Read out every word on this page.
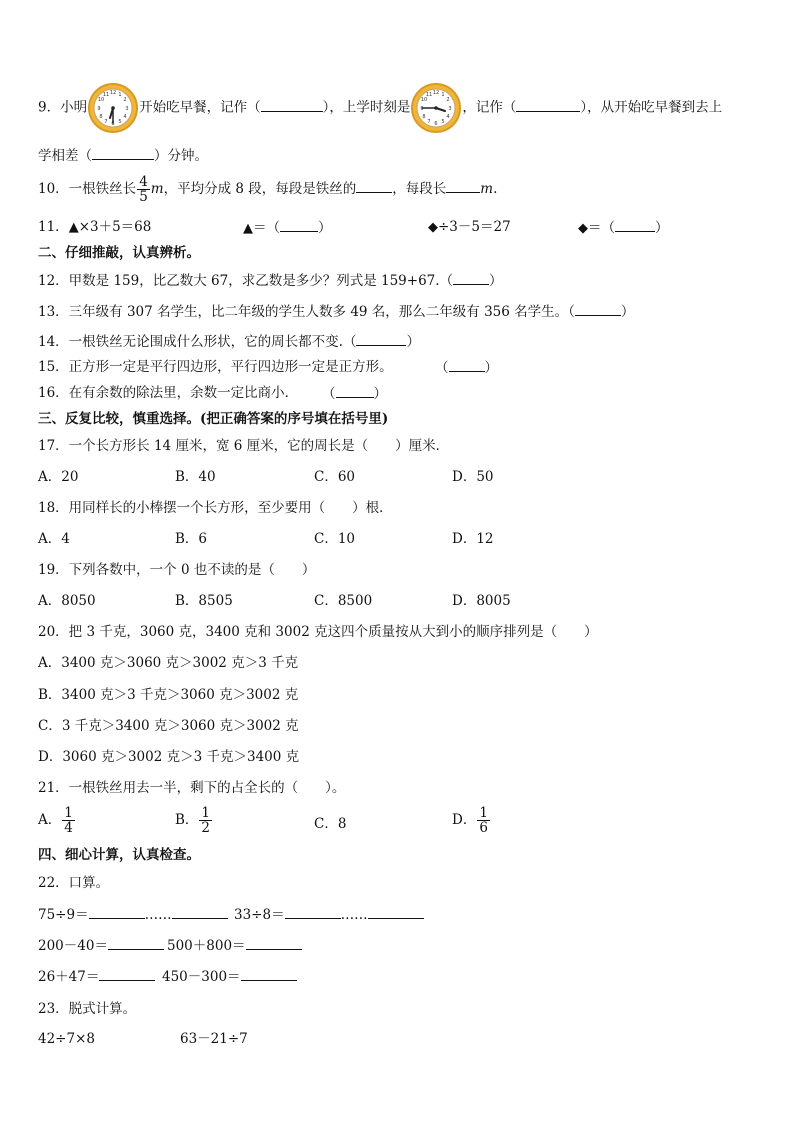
9．小明
12 1
2
3
4
5
6
7
8
9
10
11
开始吃早餐，记作（	），上学时刻是
12 1
2
3
4
5
6
7
8
9
10
11
，记作（	），从开始吃早餐到去上
学相差（	）分钟。
10．一根铁丝长 $\frac{4}{5}$ m，平均分成 8 段，每段是铁丝的	，每段长	m.
11．▲×3＋5＝68	▲＝（	）	◆÷3－5＝27	◆＝（	）
二、仔细推敲，认真辨析。
12．甲数是 159，比乙数大 67，求乙数是多少？列式是 159+67.（	）
13．三年级有 307 名学生，比二年级的学生人数多 49 名，那么二年级有 356 名学生。（	）
14．一根铁丝无论围成什么形状，它的周长都不变.（	）
15．正方形一定是平行四边形，平行四边形一定是正方形。	（	）
16．在有余数的除法里，余数一定比商小． （	）
三、反复比较，慎重选择。(把正确答案的序号填在括号里)
17．一个长方形长 14 厘米，宽 6 厘米，它的周长是（　　）厘米．
A．20	B．40	C．60	D．50
18．用同样长的小棒摆一个长方形，至少要用（　　）根．
A．4	B．6	C．10	D．12
19．下列各数中，一个 0 也不读的是（　　）
A．8050	B．8505	C．8500	D．8005
20．把 3 千克，3060 克，3400 克和 3002 克这四个质量按从大到小的顺序排列是（　　）
A．3400 克＞3060 克＞3002 克＞3 千克
B．3400 克＞3 千克＞3060 克＞3002 克
C．3 千克＞3400 克＞3060 克＞3002 克
D．3060 克＞3002 克＞3 千克＞3400 克
21．一根铁丝用去一半，剩下的占全长的（　　）。
A． $\frac{1}{4}$	B． $\frac{1}{2}$	C．8	D． $\frac{1}{6}$
四、细心计算，认真检查。
22．口算。
75÷9＝	……	33÷8＝	……
200－40＝	500＋800＝
26＋47＝	450－300＝
23．脱式计算。
42÷7×8	63－21÷7
